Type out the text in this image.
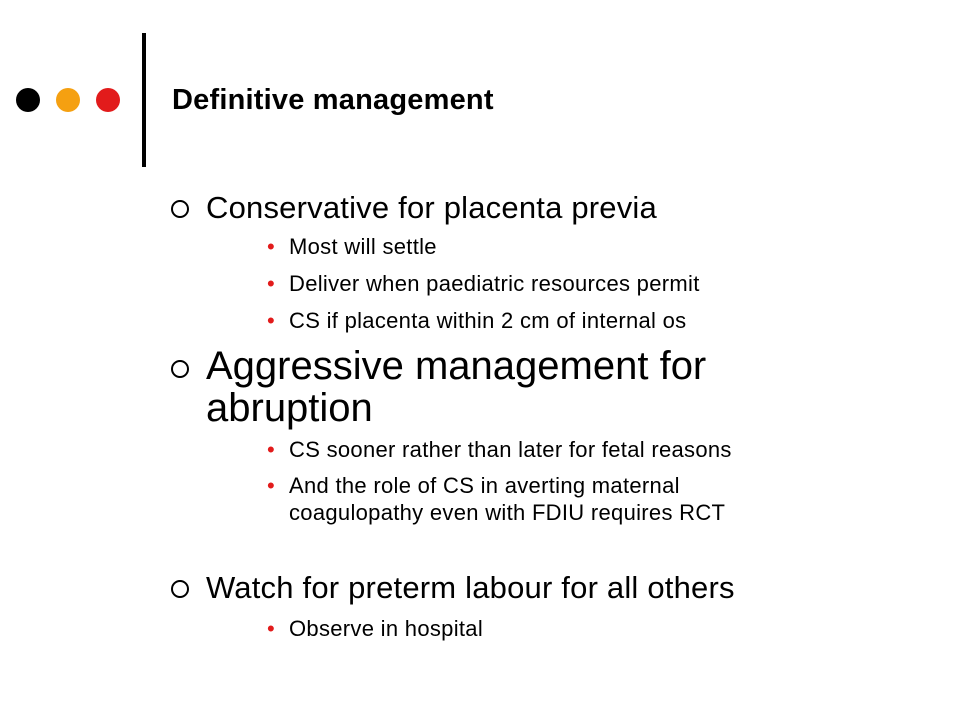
Definitive management
Conservative for placenta previa
• Most will settle
• Deliver when paediatric resources permit
• CS if placenta within 2 cm of internal os
Aggressive management for
abruption
• CS sooner rather than later for fetal reasons
• And the role of CS in averting maternal
coagulopathy even with FDIU requires RCT
Watch for preterm labour for all others
• Observe in hospital
